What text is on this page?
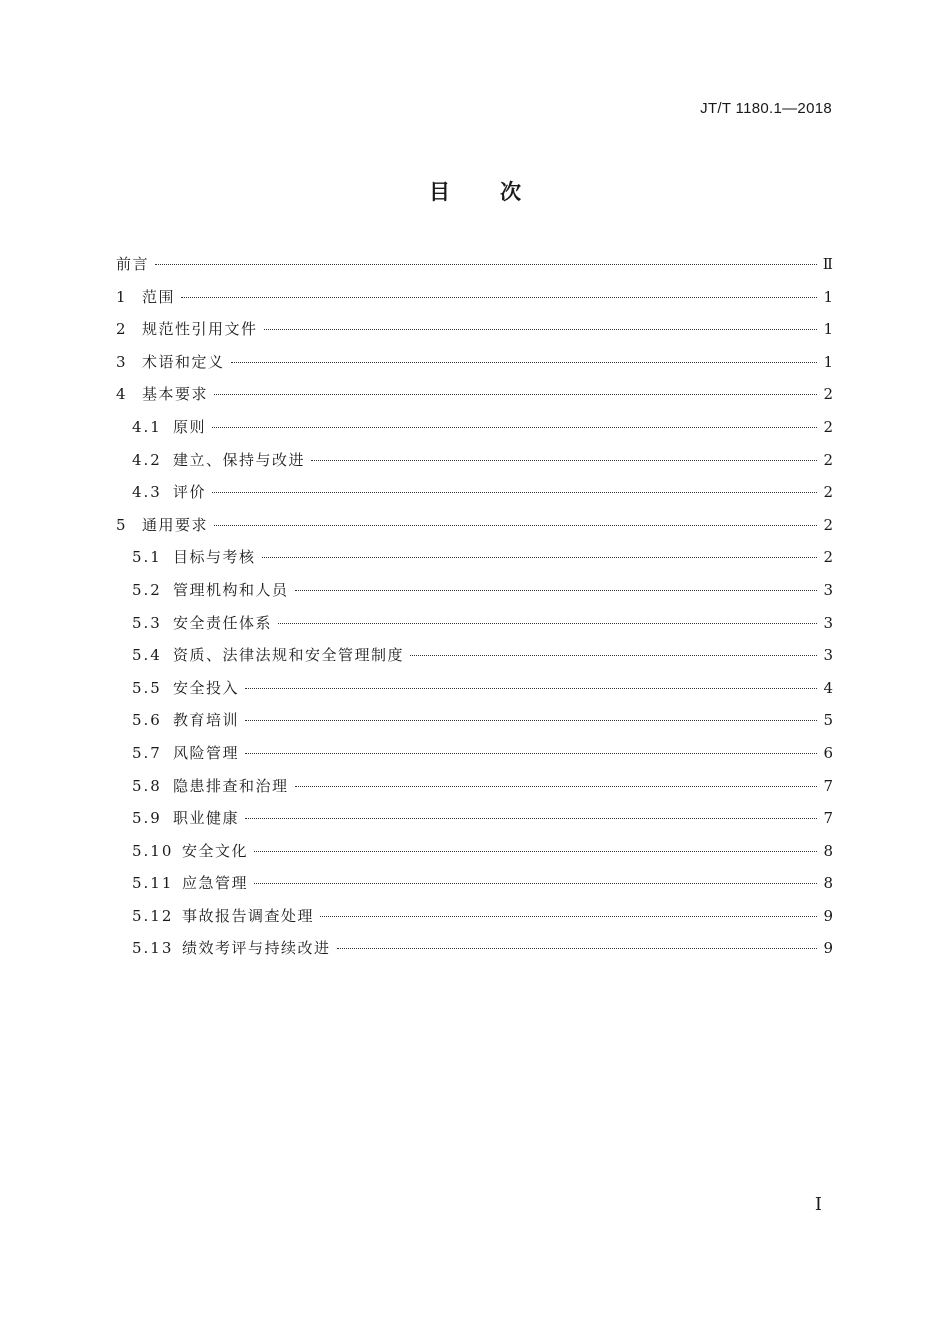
JT/T 1180.1—2018
目 次
前言	Ⅱ
1 范围	1
2 规范性引用文件	1
3 术语和定义	1
4 基本要求	2
4.1 原则	2
4.2 建立、保持与改进	2
4.3 评价	2
5 通用要求	2
5.1 目标与考核	2
5.2 管理机构和人员	3
5.3 安全责任体系	3
5.4 资质、法律法规和安全管理制度	3
5.5 安全投入	4
5.6 教育培训	5
5.7 风险管理	6
5.8 隐患排查和治理	7
5.9 职业健康	7
5.10 安全文化	8
5.11 应急管理	8
5.12 事故报告调查处理	9
5.13 绩效考评与持续改进	9
Ⅰ
